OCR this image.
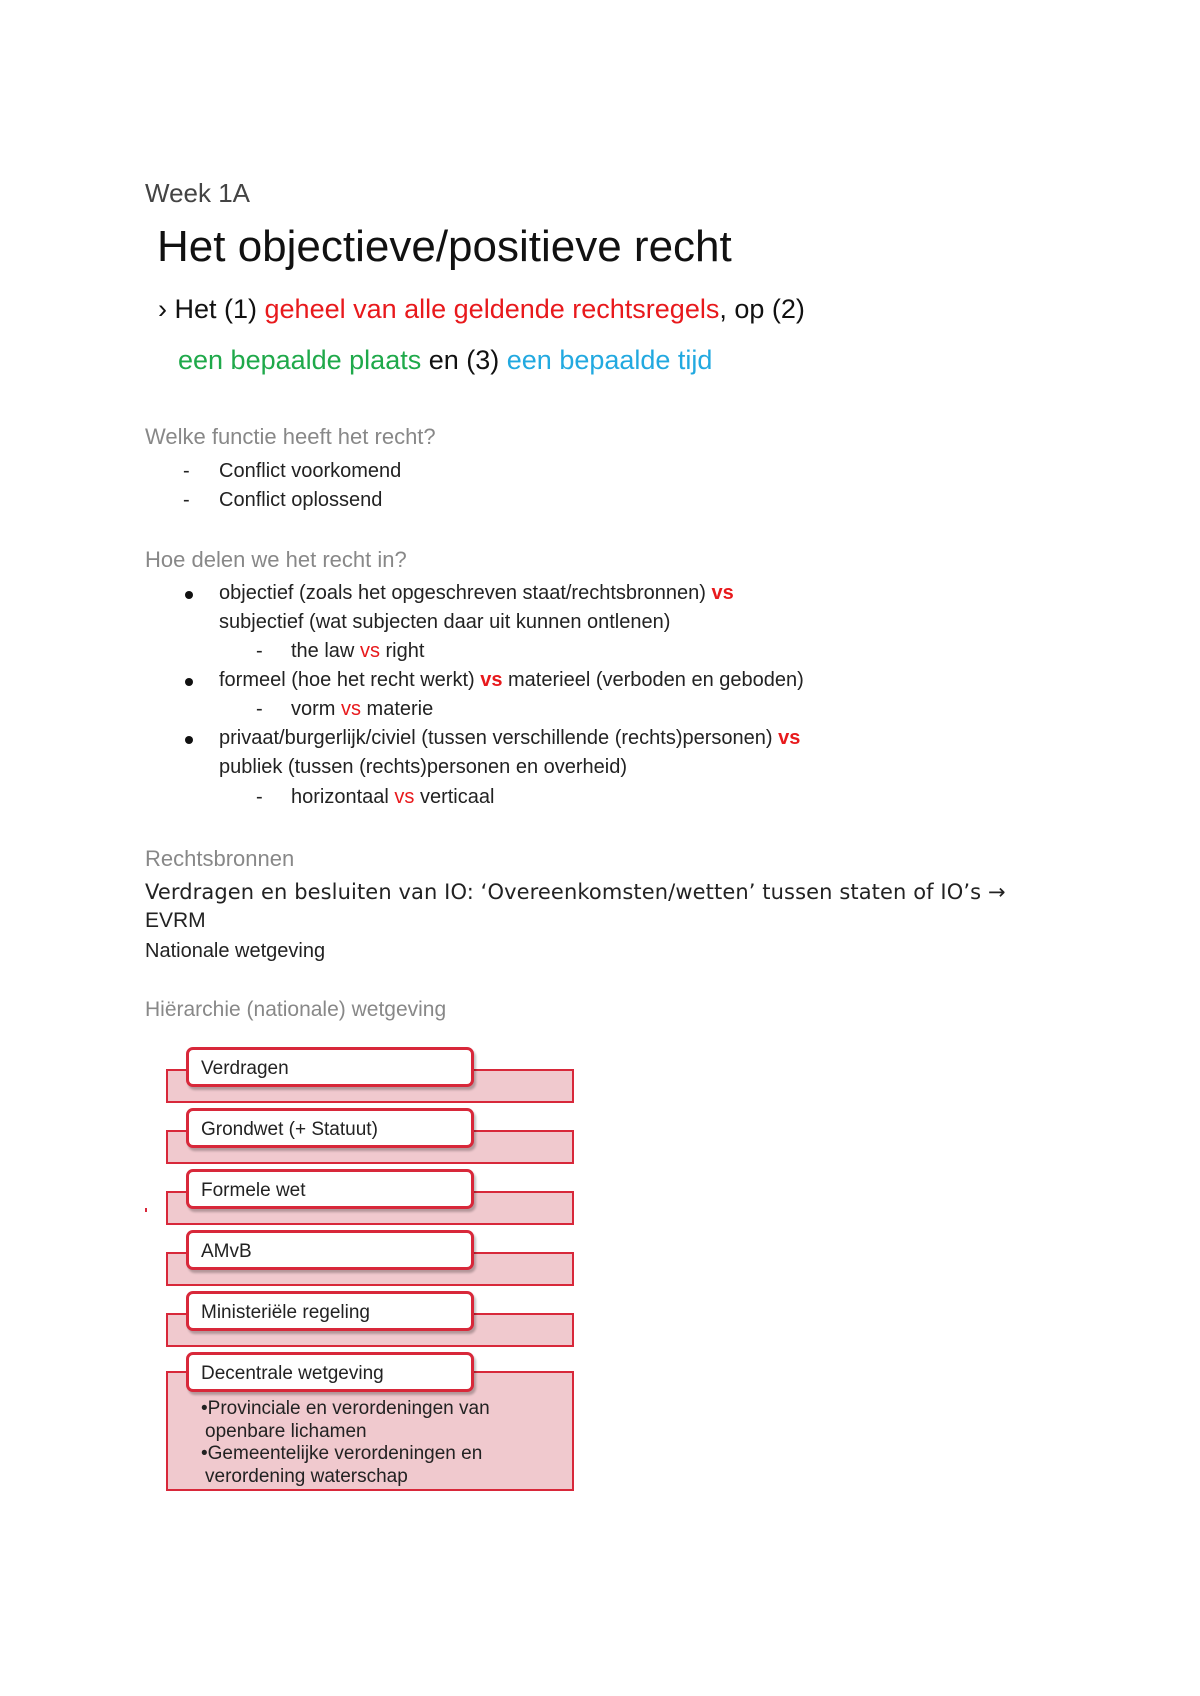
Week 1A
Het objectieve/positieve recht
› Het (1) geheel van alle geldende rechtsregels, op (2)
een bepaalde plaats en (3) een bepaalde tijd
Welke functie heeft het recht?
- Conflict voorkomend
- Conflict oplossend
Hoe delen we het recht in?
objectief (zoals het opgeschreven staat/rechtsbronnen) vs
subjectief (wat subjecten daar uit kunnen ontlenen)
- the law vs right
formeel (hoe het recht werkt) vs materieel (verboden en geboden)
- vorm vs materie
privaat/burgerlijk/civiel (tussen verschillende (rechts)personen) vs
publiek (tussen (rechts)personen en overheid)
- horizontaal vs verticaal
Rechtsbronnen
Verdragen en besluiten van IO: ‘Overeenkomsten/wetten’ tussen staten of IO’s →
EVRM
Nationale wetgeving
Hiërarchie (nationale) wetgeving
Verdragen
Grondwet (+ Statuut)
Formele wet
AMvB
Ministeriële regeling
Decentrale wetgeving
•Provinciale en verordeningen van
openbare lichamen
•Gemeentelijke verordeningen en
verordening waterschap
